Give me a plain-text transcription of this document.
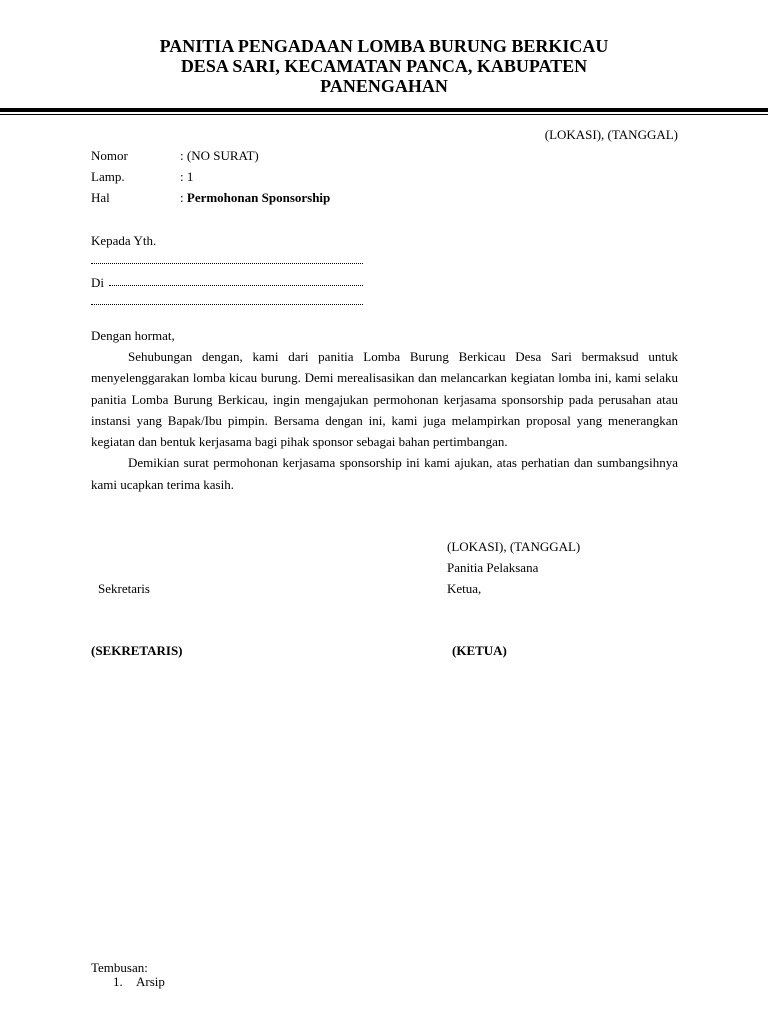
PANITIA PENGADAAN LOMBA BURUNG BERKICAU
DESA SARI, KECAMATAN PANCA, KABUPATEN
PANENGAHAN
(LOKASI), (TANGGAL)
Nomor	: (NO SURAT)
Lamp.	: 1
Hal	: Permohonan Sponsorship
Kepada Yth.
Di
Dengan hormat,

Sehubungan dengan, kami dari panitia Lomba Burung Berkicau Desa Sari bermaksud untuk menyelenggarakan lomba kicau burung. Demi merealisasikan dan melancarkan kegiatan lomba ini, kami selaku panitia Lomba Burung Berkicau, ingin mengajukan permohonan kerjasama sponsorship pada perusahan atau instansi yang Bapak/Ibu pimpin. Bersama dengan ini, kami juga melampirkan proposal yang menerangkan kegiatan dan bentuk kerjasama bagi pihak sponsor sebagai bahan pertimbangan.

Demikian surat permohonan kerjasama sponsorship ini kami ajukan, atas perhatian dan sumbangsihnya kami ucapkan terima kasih.

(LOKASI), (TANGGAL)
Panitia Pelaksana
Ketua,
Sekretaris
(SEKRETARIS)	(KETUA)
Tembusan:
1. Arsip
